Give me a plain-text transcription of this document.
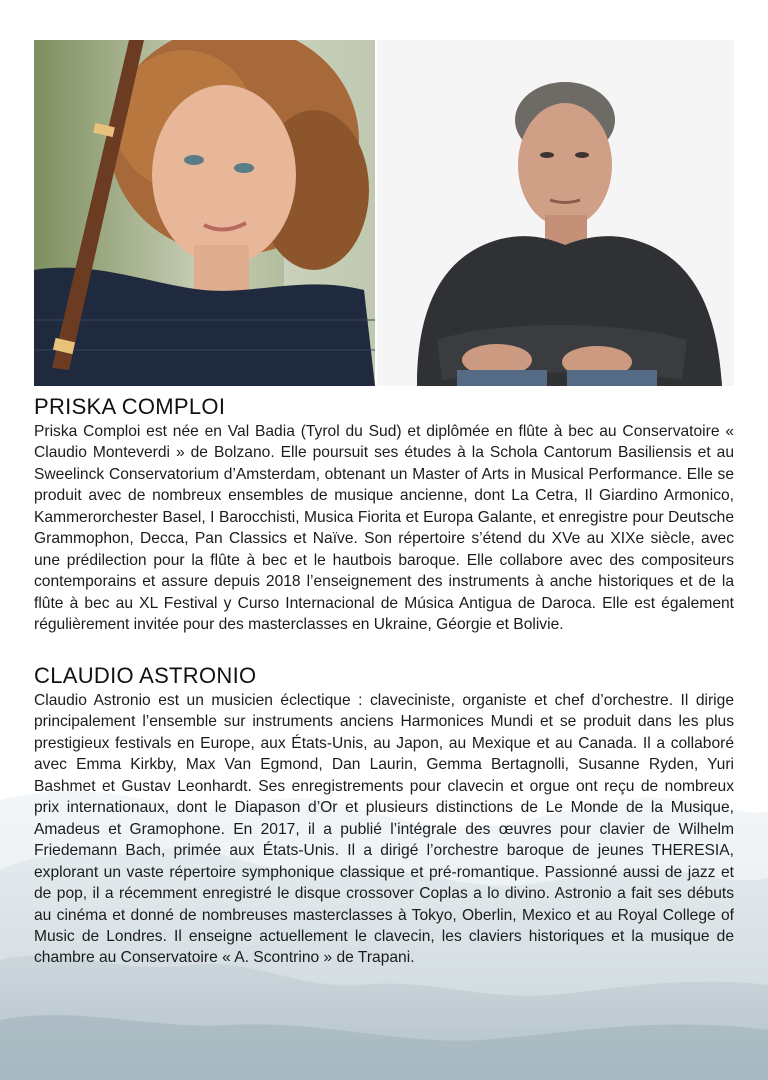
PRISKA COMPLOI

Priska Comploi est née en Val Badia (Tyrol du Sud) et diplômée en flûte à bec au Conservatoire « Claudio Monteverdi » de Bolzano. Elle poursuit ses études à la Schola Cantorum Basiliensis et au Sweelinck Conservatorium d’Amsterdam, obtenant un Master of Arts in Musical Performance. Elle se produit avec de nombreux ensembles de musique ancienne, dont La Cetra, Il Giardino Armonico, Kammerorchester Basel, I Barocchisti, Musica Fiorita et Europa Galante, et enregistre pour Deutsche Grammophon, Decca, Pan Classics et Naïve. Son répertoire s’étend du XVe au XIXe siècle, avec une prédilection pour la flûte à bec et le hautbois baroque. Elle collabore avec des compositeurs contemporains et assure depuis 2018 l’enseignement des instruments à anche historiques et de la flûte à bec au XL Festival y Curso Internacional de Música Antigua de Daroca. Elle est également régulièrement invitée pour des masterclasses en Ukraine, Géorgie et Bolivie.

CLAUDIO ASTRONIO

Claudio Astronio est un musicien éclectique : claveciniste, organiste et chef d’orchestre. Il dirige principalement l’ensemble sur instruments anciens Harmonices Mundi et se produit dans les plus prestigieux festivals en Europe, aux États-Unis, au Japon, au Mexique et au Canada. Il a collaboré avec Emma Kirkby, Max Van Egmond, Dan Laurin, Gemma Bertagnolli, Susanne Ryden, Yuri Bashmet et Gustav Leonhardt. Ses enregistrements pour clavecin et orgue ont reçu de nombreux prix internationaux, dont le Diapason d’Or et plusieurs distinctions de Le Monde de la Musique, Amadeus et Gramophone. En 2017, il a publié l’intégrale des œuvres pour clavier de Wilhelm Friedemann Bach, primée aux États-Unis. Il a dirigé l’orchestre baroque de jeunes THERESIA, explorant un vaste répertoire symphonique classique et pré-romantique. Passionné aussi de jazz et de pop, il a récemment enregistré le disque crossover Coplas a lo divino. Astronio a fait ses débuts au cinéma et donné de nombreuses masterclasses à Tokyo, Oberlin, Mexico et au Royal College of Music de Londres. Il enseigne actuellement le clavecin, les claviers historiques et la musique de chambre au Conservatoire « A. Scontrino » de Trapani.
